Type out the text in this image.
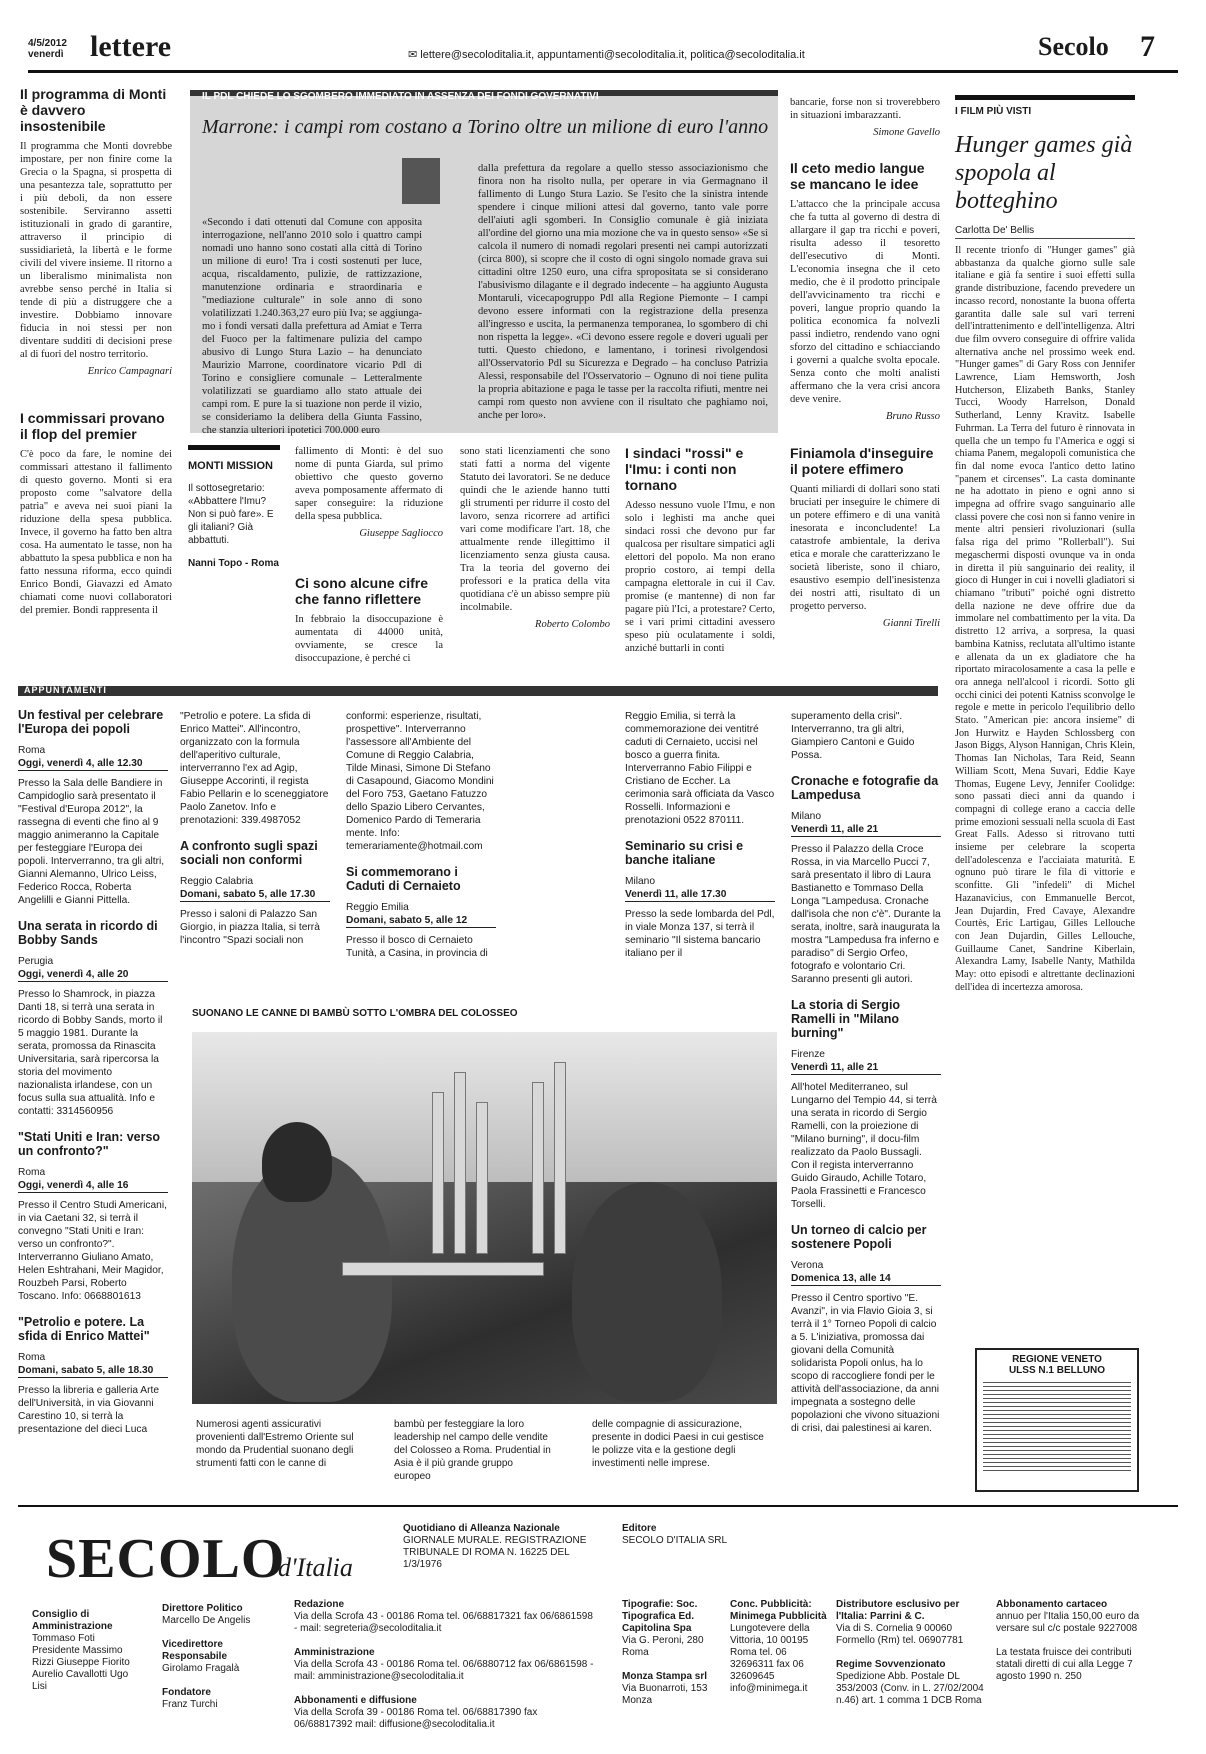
4/5/2012
venerdì lettere	✉ lettere@secoloditalia.it, appuntamenti@secoloditalia.it, politica@secoloditalia.it	Secolo 7
Il programma di Monti è davvero insostenibile

Il programma che Monti dovrebbe impostare, per non finire come la Grecia o la Spagna, si prospetta di una pesantezza tale, soprattutto per i più deboli, da non essere sostenibile. Serviranno assetti istituzionali in grado di garantire, attraverso il principio di sussidiarietà, la libertà e le forme civili del vivere insieme. Il ritorno a un liberalismo minimalista non avrebbe senso perché in Italia si tende di più a distruggere che a investire. Dobbiamo innovare fiducia in noi stessi per non diventare sudditi di decisioni prese al di fuori del nostro territorio.

Enrico Campagnari

I commissari provano il flop del premier

C'è poco da fare, le nomine dei commissari attestano il fallimento di questo governo. Monti si era proposto come "salvatore della patria" e aveva nei suoi piani la riduzione della spesa pubblica. Invece, il governo ha fatto ben altra cosa. Ha aumentato le tasse, non ha abbattuto la spesa pubblica e non ha fatto nessuna riforma, ecco quindi Enrico Bondi, Giavazzi ed Amato chiamati come nuovi collaboratori del premier. Bondi rappresenta il

IL PDL CHIEDE LO SGOMBERO IMMEDIATO IN ASSENZA DEI FONDI GOVERNATIVI
Marrone: i campi rom costano a Torino oltre un milione di euro l'anno
«Secondo i dati ottenuti dal Comune con apposita interrogazione, nell'anno 2010 solo i quattro campi nomadi uno hanno sono costati alla città di Torino un milione di euro! Tra i costi sostenuti per luce, acqua, riscaldamento, pulizie, de rattizzazione, manutenzione ordinaria e straordinaria e "mediazione culturale" in sole anno di sono volatilizzati 1.240.363,27 euro più Iva; se aggiunga-mo i fondi versati dalla prefettura ad Amiat e Terra del Fuoco per la faltimenare pulizia del campo abusivo di Lungo Stura Lazio – ha denunciato Maurizio Marrone, coordinatore vicario Pdl di Torino e consigliere comunale – Letteralmente volatilizzati se guardiamo allo stato attuale dei campi rom. E pure la si tuazione non perde il vizio, se consideriamo la delibera della Giunta Fassino, che stanzia ulteriori ipotetici 700.000 euro
dalla prefettura da regolare a quello stesso associazionismo che finora non ha risolto nulla, per operare in via Germagnano il fallimento di Lungo Stura Lazio. Se l'esito che la sinistra intende spendere i cinque milioni attesi dal governo, tanto vale porre dell'aiuti agli sgomberi. In Consiglio comunale è già iniziata all'ordine del giorno una mia mozione che va in questo senso» «Se si calcola il numero di nomadi regolari presenti nei campi autorizzati (circa 800), si scopre che il costo di ogni singolo nomade grava sui cittadini oltre 1250 euro, una cifra spropositata se si considerano l'abusivismo dilagante e il degrado indecente – ha aggiunto Augusta Montaruli, vicecapogruppo Pdl alla Regione Piemonte – I campi devono essere informati con la registrazione della presenza all'ingresso e uscita, la permanenza temporanea, lo sgombero di chi non rispetta la legge». «Ci devono essere regole e doveri uguali per tutti. Questo chiedono, e lamentano, i torinesi rivolgendosi all'Osservatorio Pdl su Sicurezza e Degrado – ha concluso Patrizia Alessi, responsabile del l'Osservatorio – Ognuno di noi tiene pulita la propria abitazione e paga le tasse per la raccolta rifiuti, mentre nei campi rom questo non avviene con il risultato che paghiamo noi, anche per loro».
MONTI MISSION

Il sottosegretario: «Abbattere l'Imu? Non si può fare». E gli italiani? Già abbattuti.

Nanni Topo - Roma

fallimento di Monti: è del suo nome di punta Giarda, sul primo obiettivo che questo governo aveva pomposamente affermato di saper conseguire: la riduzione della spesa pubblica.

Giuseppe Sagliocco

Ci sono alcune cifre che fanno riflettere

In febbraio la disoccupazione è aumentata di 44000 unità, ovviamente, se cresce la disoccupazione, è perché ci

sono stati licenziamenti che sono stati fatti a norma del vigente Statuto dei lavoratori. Se ne deduce quindi che le aziende hanno tutti gli strumenti per ridurre il costo del lavoro, senza ricorrere ad artifici vari come modificare l'art. 18, che attualmente rende illegittimo il licenziamento senza giusta causa. Tra la teoria del governo dei professori e la pratica della vita quotidiana c'è un abisso sempre più incolmabile.

Roberto Colombo

I sindaci "rossi" e l'Imu: i conti non tornano

Adesso nessuno vuole l'Imu, e non solo i leghisti ma anche quei sindaci rossi che devono pur far qualcosa per risultare simpatici agli elettori del popolo. Ma non erano proprio costoro, ai tempi della campagna elettorale in cui il Cav. promise (e mantenne) di non far pagare più l'Ici, a protestare? Certo, se i vari primi cittadini avessero speso più oculatamente i soldi, anziché buttarli in conti

bancarie, forse non si troverebbero in situazioni imbarazzanti.

Simone Gavello

Il ceto medio langue se mancano le idee

L'attacco che la principale accusa che fa tutta al governo di destra di allargare il gap tra ricchi e poveri, risulta adesso il tesoretto dell'esecutivo di Monti. L'economia insegna che il ceto medio, che è il prodotto principale dell'avvicinamento tra ricchi e poveri, langue proprio quando la politica economica fa nolvezli passi indietro, rendendo vano ogni sforzo del cittadino e schiacciando i governi a qualche svolta epocale. Senza conto che molti analisti affermano che la vera crisi ancora deve venire.

Bruno Russo

Finiamola d'inseguire il potere effimero

Quanti miliardi di dollari sono stati bruciati per inseguire le chimere di un potere effimero e di una vanità inesorata e inconcludente! La catastrofe ambientale, la deriva etica e morale che caratterizzano le società liberiste, sono il chiaro, esaustivo esempio dell'inesistenza dei nostri atti, risultato di un progetto perverso.

Gianni Tirelli

I FILM PIÙ VISTI
Hunger games già spopola al botteghino
Carlotta De' Bellis
Il recente trionfo di "Hunger games" già abbastanza da qualche giorno sulle sale italiane e già fa sentire i suoi effetti sulla grande distribuzione, facendo prevedere un incasso record, nonostante la buona offerta garantita dalle sale sul vari terreni dell'intrattenimento e dell'intelligenza. Altri due film ovvero conseguire di offrire valida alternativa anche nel prossimo week end. "Hunger games" di Gary Ross con Jennifer Lawrence, Liam Hemsworth, Josh Hutcherson, Elizabeth Banks, Stanley Tucci, Woody Harrelson, Donald Sutherland, Lenny Kravitz. Isabelle Fuhrman. La Terra del futuro è rinnovata in quella che un tempo fu l'America e oggi si chiama Panem, megalopoli comunistica che fin dal nome evoca l'antico detto latino "panem et circenses". La casta dominante ne ha adottato in pieno e ogni anno si impegna ad offrire svago sanguinario alle classi povere che così non si fanno venire in mente altri pensieri rivoluzionari (sulla falsa riga del primo "Rollerball"). Sui megaschermi disposti ovunque va in onda in diretta il più sanguinario dei reality, il gioco di Hunger in cui i novelli gladiatori si chiamano "tributi" poiché ogni distretto della nazione ne deve offrire due da immolare nel combattimento per la vita. Da distretto 12 arriva, a sorpresa, la quasi bambina Katniss, reclutata all'ultimo istante e allenata da un ex gladiatore che ha riportato miracolosamente a casa la pelle e ora annega nell'alcool i ricordi. Sotto gli occhi cinici dei potenti Katniss sconvolge le regole e mette in pericolo l'equilibrio dello Stato. "American pie: ancora insieme" di Jon Hurwitz e Hayden Schlossberg con Jason Biggs, Alyson Hannigan, Chris Klein, Thomas Ian Nicholas, Tara Reid, Seann William Scott, Mena Suvari, Eddie Kaye Thomas, Eugene Levy, Jennifer Coolidge: sono passati dieci anni da quando i compagni di college erano a caccia delle prime emozioni sessuali nella scuola di East Great Falls. Adesso si ritrovano tutti insieme per celebrare la scoperta dell'adolescenza e l'acciaiata maturità. E ognuno può tirare le fila di vittorie e sconfitte. Gli "infedeli" di Michel Hazanavicius, con Emmanuelle Bercot, Jean Dujardin, Fred Cavaye, Alexandre Courtès, Eric Lartigau, Gilles Lellouche con Jean Dujardin, Gilles Lellouche, Guillaume Canet, Sandrine Kiberlain, Alexandra Lamy, Isabelle Nanty, Mathilda May: otto episodi e altrettante declinazioni dell'idea di incertezza amorosa.
APPUNTAMENTI
Un festival per celebrare l'Europa dei popoli
Roma
Oggi, venerdì 4, alle 12.30

Presso la Sala delle Bandiere in Campidoglio sarà presentato il "Festival d'Europa 2012", la rassegna di eventi che fino al 9 maggio animeranno la Capitale per festeggiare l'Europa dei popoli. Interverranno, tra gli altri, Gianni Alemanno, Ulrico Leiss, Federico Rocca, Roberta Angelilli e Gianni Pittella.

Una serata in ricordo di Bobby Sands
Perugia
Oggi, venerdì 4, alle 20

Presso lo Shamrock, in piazza Danti 18, si terrà una serata in ricordo di Bobby Sands, morto il 5 maggio 1981. Durante la serata, promossa da Rinascita Universitaria, sarà ripercorsa la storia del movimento nazionalista irlandese, con un focus sulla sua attualità. Info e contatti: 3314560956

"Stati Uniti e Iran: verso un confronto?"
Roma
Oggi, venerdì 4, alle 16

Presso il Centro Studi Americani, in via Caetani 32, si terrà il convegno "Stati Uniti e Iran: verso un confronto?". Interverranno Giuliano Amato, Helen Eshtrahani, Meir Magidor, Rouzbeh Parsi, Roberto Toscano. Info: 0668801613

"Petrolio e potere. La sfida di Enrico Mattei"
Roma
Domani, sabato 5, alle 18.30

Presso la libreria e galleria Arte dell'Università, in via Giovanni Carestino 10, si terrà la presentazione del dieci Luca

"Petrolio e potere. La sfida di Enrico Mattei". All'incontro, organizzato con la formula dell'aperitivo culturale, interverranno l'ex ad Agip, Giuseppe Accorinti, il regista Fabio Pellarin e lo sceneggiatore Paolo Zanetov. Info e prenotazioni: 339.4987052

A confronto sugli spazi sociali non conformi
Reggio Calabria
Domani, sabato 5, alle 17.30

Presso i saloni di Palazzo San Giorgio, in piazza Italia, si terrà l'incontro "Spazi sociali non

conformi: esperienze, risultati, prospettive". Interverranno l'assessore all'Ambiente del Comune di Reggio Calabria, Tilde Minasi, Simone Di Stefano di Casapound, Giacomo Mondini del Foro 753, Gaetano Fatuzzo dello Spazio Libero Cervantes, Domenico Pardo di Temeraria mente. Info: temerariamente@hotmail.com

Si commemorano i Caduti di Cernaieto
Reggio Emilia
Domani, sabato 5, alle 12

Presso il bosco di Cernaieto Tunità, a Casina, in provincia di

Reggio Emilia, si terrà la commemorazione dei ventitré caduti di Cernaieto, uccisi nel bosco a guerra finita. Interverranno Fabio Filippi e Cristiano de Eccher. La cerimonia sarà officiata da Vasco Rosselli. Informazioni e prenotazioni 0522 870111.

Seminario su crisi e banche italiane
Milano
Venerdì 11, alle 17.30

Presso la sede lombarda del Pdl, in viale Monza 137, si terrà il seminario "Il sistema bancario italiano per il

superamento della crisi". Interverranno, tra gli altri, Giampiero Cantoni e Guido Possa.

Cronache e fotografie da Lampedusa
Milano
Venerdì 11, alle 21

Presso il Palazzo della Croce Rossa, in via Marcello Pucci 7, sarà presentato il libro di Laura Bastianetto e Tommaso Della Longa "Lampedusa. Cronache dall'isola che non c'è". Durante la serata, inoltre, sarà inaugurata la mostra "Lampedusa fra inferno e paradiso" di Sergio Orfeo, fotografo e volontario Cri. Saranno presenti gli autori.

La storia di Sergio Ramelli in "Milano burning"
Firenze
Venerdì 11, alle 21

All'hotel Mediterraneo, sul Lungarno del Tempio 44, si terrà una serata in ricordo di Sergio Ramelli, con la proiezione di "Milano burning", il docu-film realizzato da Paolo Bussagli. Con il regista interverranno Guido Giraudo, Achille Totaro, Paola Frassinetti e Francesco Torselli.

Un torneo di calcio per sostenere Popoli
Verona
Domenica 13, alle 14

Presso il Centro sportivo "E. Avanzi", in via Flavio Gioia 3, si terrà il 1° Torneo Popoli di calcio a 5. L'iniziativa, promossa dai giovani della Comunità solidarista Popoli onlus, ha lo scopo di raccogliere fondi per le attività dell'associazione, da anni impegnata a sostegno delle popolazioni che vivono situazioni di crisi, dai palestinesi ai karen.

SUONANO LE CANNE DI BAMBÙ SOTTO L'OMBRA DEL COLOSSEO
Numerosi agenti assicurativi provenienti dall'Estremo Oriente sul mondo da Prudential suonano degli strumenti fatti con le canne di
bambù per festeggiare la loro leadership nel campo delle vendite del Colosseo a Roma. Prudential in Asia è il più grande gruppo europeo
delle compagnie di assicurazione, presente in dodici Paesi in cui gestisce le polizze vita e la gestione degli investimenti nelle imprese.
REGIONE VENETO
ULSS N.1 BELLUNO
SECOLO
d'Italia
Quotidiano di Alleanza Nazionale
GIORNALE MURALE. REGISTRAZIONE TRIBUNALE DI ROMA N. 16225 DEL 1/3/1976
Editore
SECOLO D'ITALIA SRL
Consiglio di Amministrazione
Tommaso Foti Presidente Massimo Rizzi Giuseppe Fiorito Aurelio Cavallotti Ugo Lisi
Direttore Politico
Marcello De Angelis

Vicedirettore Responsabile
Girolamo Fragalà

Fondatore
Franz Turchi
Redazione
Via della Scrofa 43 - 00186 Roma tel. 06/68817321 fax 06/6861598 - mail: segreteria@secoloditalia.it

Amministrazione
Via della Scrofa 43 - 00186 Roma tel. 06/6880712 fax 06/6861598 - mail: amministrazione@secoloditalia.it

Abbonamenti e diffusione
Via della Scrofa 39 - 00186 Roma tel. 06/68817390 fax 06/68817392 mail: diffusione@secoloditalia.it
Tipografie: Soc. Tipografica Ed. Capitolina Spa
Via G. Peroni, 280 Roma

Monza Stampa srl
Via Buonarroti, 153 Monza
Conc. Pubblicità: Minimega Pubblicità
Lungotevere della Vittoria, 10 00195 Roma tel. 06 32696311 fax 06 32609645 info@minimega.it
Distributore esclusivo per l'Italia: Parrini & C.
Via di S. Cornelia 9 00060 Formello (Rm) tel. 06907781

Regime Sovvenzionato
Spedizione Abb. Postale DL 353/2003 (Conv. in L. 27/02/2004 n.46) art. 1 comma 1 DCB Roma
Abbonamento cartaceo
annuo per l'Italia 150,00 euro da versare sul c/c postale 9227008

La testata fruisce dei contributi statali diretti di cui alla Legge 7 agosto 1990 n. 250
